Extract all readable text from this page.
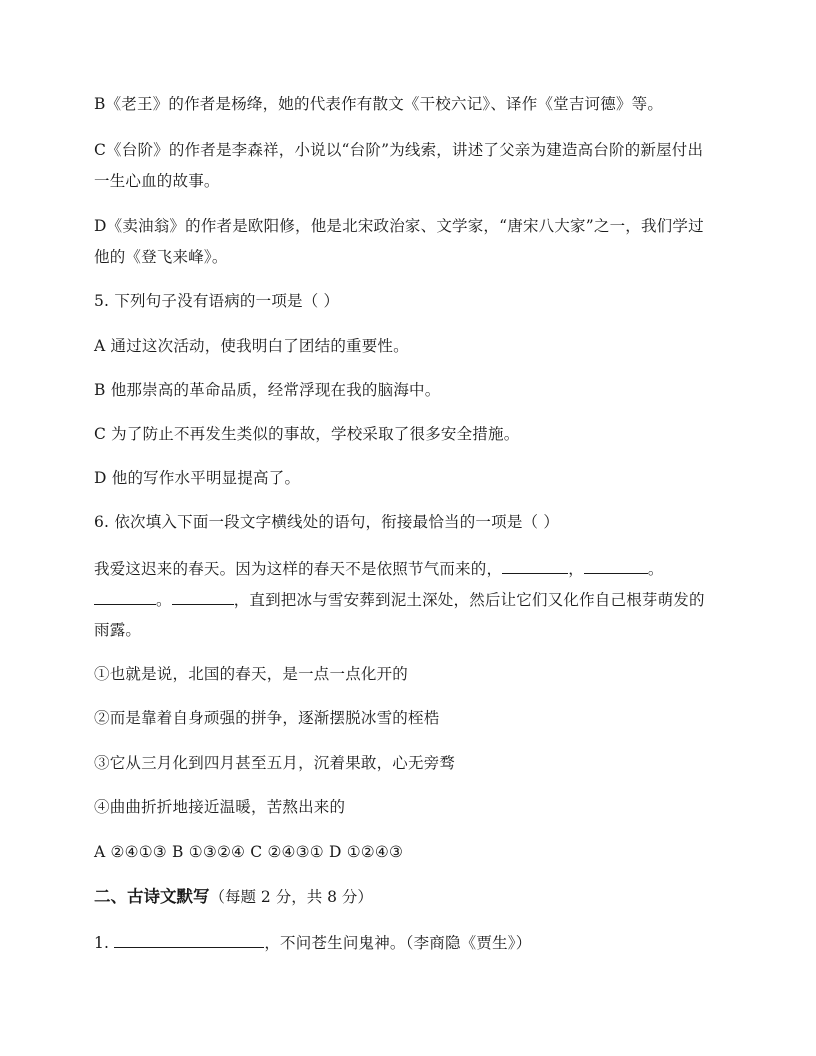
B《老王》的作者是杨绛，她的代表作有散文《干校六记》、译作《堂吉诃德》等。
C《台阶》的作者是李森祥，小说以“台阶”为线索，讲述了父亲为建造高台阶的新屋付出
一生心血的故事。
D《卖油翁》的作者是欧阳修，他是北宋政治家、文学家，“唐宋八大家”之一，我们学过
他的《登飞来峰》。
5. 下列句子没有语病的一项是（ ）
A 通过这次活动，使我明白了团结的重要性。
B 他那崇高的革命品质，经常浮现在我的脑海中。
C 为了防止不再发生类似的事故，学校采取了很多安全措施。
D 他的写作水平明显提高了。
6. 依次填入下面一段文字横线处的语句，衔接最恰当的一项是（ ）
我爱这迟来的春天。因为这样的春天不是依照节气而来的，	，	。
。	，直到把冰与雪安葬到泥土深处，然后让它们又化作自己根芽萌发的
雨露。
①也就是说，北国的春天，是一点一点化开的
②而是靠着自身顽强的拼争，逐渐摆脱冰雪的桎梏
③它从三月化到四月甚至五月，沉着果敢，心无旁骛
④曲曲折折地接近温暖，苦熬出来的
A ②④①③ B ①③②④ C ②④③① D ①②④③
二、古诗文默写（每题 2 分，共 8 分）
1.	，不问苍生问鬼神。（李商隐《贾生》）
